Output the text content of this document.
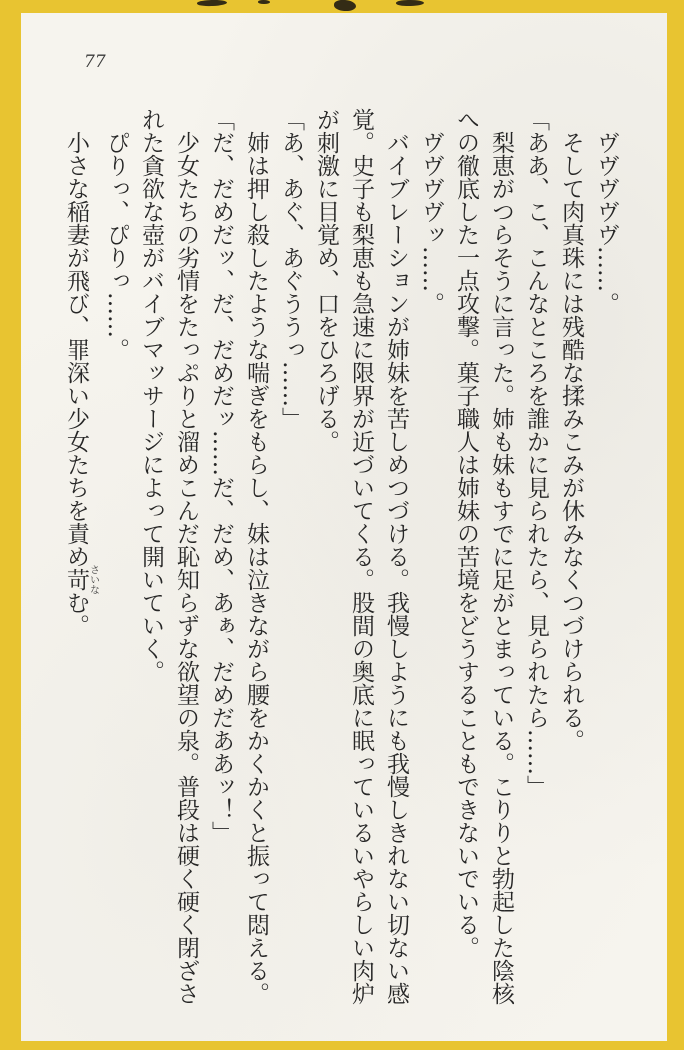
77

ヴヴヴヴヴ……。

そして肉真珠には残酷な揉みこみが休みなくつづけられる。

「ああ、こ、こんなところを誰かに見られたら、見られたら……」

梨恵がつらそうに言った。姉も妹もすでに足がとまっている。こりりと勃起した陰核への徹底した一点攻撃。菓子職人は姉妹の苦境をどうすることもできないでいる。

ヴヴヴヴッ……。

バイブレーションが姉妹を苦しめつづける。我慢しようにも我慢しきれない切ない感覚。史子も梨恵も急速に限界が近づいてくる。股間の奥底に眠っているいやらしい肉炉が刺激に目覚め、口をひろげる。

「あ、あぐ、あぐううっ……」

姉は押し殺したような喘ぎをもらし、妹は泣きながら腰をかくかくと振って悶える。

「だ、だめだッ、だ、だめだッ……だ、だめ、あぁ、だめだああッ！」

少女たちの劣情をたっぷりと溜めこんだ恥知らずな欲望の泉。普段は硬く硬く閉ざされた貪欲な壺がバイブマッサージによって開いていく。

ぴりっ、ぴりっ……。

小さな稲妻が飛び、罪深い少女たちを責め苛さいなむ。
